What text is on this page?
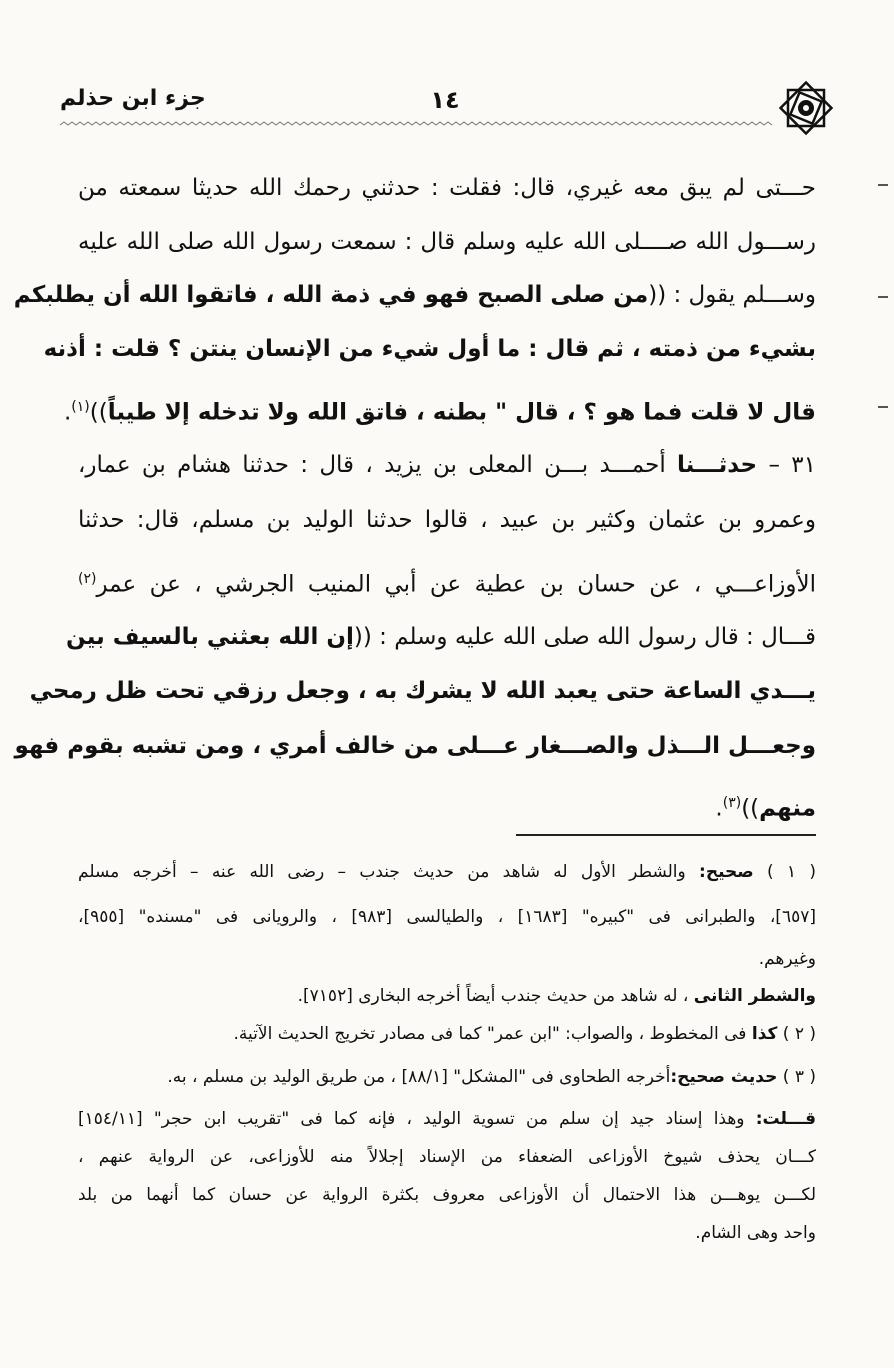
١٤
جزء ابن حذلم
حـــتى لم يبق معه غيري، قال: فقلت : حدثني رحمك الله حديثا سمعته من
رســـول الله صــــلى الله عليه وسلم قال : سمعت رسول الله صلى الله عليه
وســـلم يقول : ((من صلى الصبح فهو في ذمة الله ، فاتقوا الله أن يطلبكم
بشيء من ذمته ، ثم قال : ما أول شيء من الإنسان ينتن ؟ قلت : أذنه
قال لا قلت فما هو ؟ ، قال " بطنه ، فاتق الله ولا تدخله إلا طيباً))$^{(١)}$.
٣١ – حدثـــنا أحمـــد بـــن المعلى بن يزيد ، قال : حدثنا هشام بن عمار،
وعمرو بن عثمان وكثير بن عبيد ، قالوا حدثنا الوليد بن مسلم، قال: حدثنا
الأوزاعـــي ، عن حسان بن عطية عن أبي المنيب الجرشي ، عن عمر$^{(٢)}$
قـــال : قال رسول الله صلى الله عليه وسلم : ((إن الله بعثني بالسيف بين
يـــدي الساعة حتى يعبد الله لا يشرك به ، وجعل رزقي تحت ظل رمحي
وجعـــل الـــذل والصـــغار عـــلى من خالف أمري ، ومن تشبه بقوم فهو
منهم))$^{(٣)}$.
( ١ ) صحيح: والشطر الأول له شاهد من حديث جندب – رضى الله عنه – أخرجه مسلم
[٦٥٧]، والطبرانى فى "كبيره" [١٦٨٣] ، والطيالسى [٩٨٣] ، والرويانى فى "مسنده" [٩٥٥]،
وغيرهم.
والشطر الثانى ، له شاهد من حديث جندب أيضاً أخرجه البخارى [٧١٥٢].
( ٢ ) كذا فى المخطوط ، والصواب: "ابن عمر" كما فى مصادر تخريج الحديث الآتية.
( ٣ ) حديث صحيح:أخرجه الطحاوى فى "المشكل" [٨٨/١] ، من طريق الوليد بن مسلم ، به.
قـــلت: وهذا إسناد جيد إن سلم من تسوية الوليد ، فإنه كما فى "تقريب ابن حجر" [١٥٤/١١]
كـــان يحذف شيوخ الأوزاعى الضعفاء من الإسناد إجلالاً منه للأوزاعى، عن الرواية عنهم ،
لكـــن يوهـــن هذا الاحتمال أن الأوزاعى معروف بكثرة الرواية عن حسان كما أنهما من بلد
واحد وهى الشام.
